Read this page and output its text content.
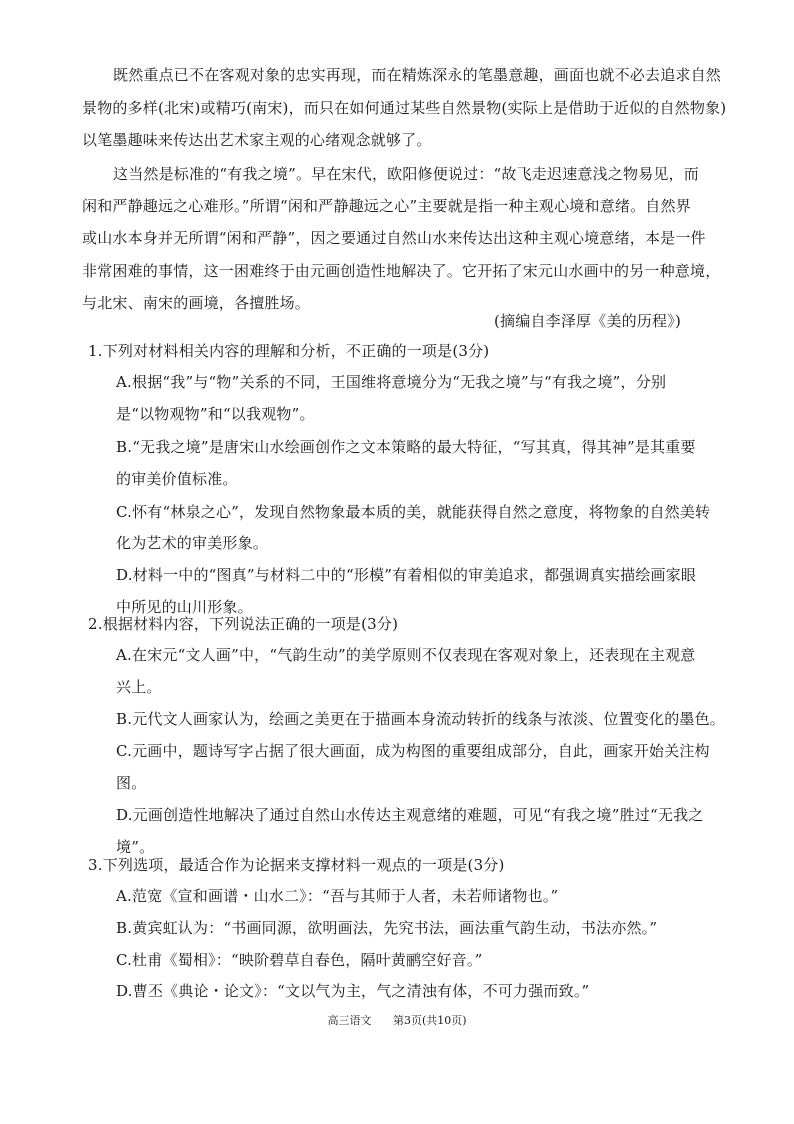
既然重点已不在客观对象的忠实再现，而在精炼深永的笔墨意趣，画面也就不必去追求自然
景物的多样(北宋)或精巧(南宋)，而只在如何通过某些自然景物(实际上是借助于近似的自然物象)
以笔墨趣味来传达出艺术家主观的心绪观念就够了。
这当然是标准的“有我之境”。早在宋代，欧阳修便说过：“故飞走迟速意浅之物易见，而
闲和严静趣远之心难形。”所谓“闲和严静趣远之心”主要就是指一种主观心境和意绪。自然界
或山水本身并无所谓“闲和严静”，因之要通过自然山水来传达出这种主观心境意绪，本是一件
非常困难的事情，这一困难终于由元画创造性地解决了。它开拓了宋元山水画中的另一种意境，
与北宋、南宋的画境，各擅胜场。
(摘编自李泽厚《美的历程》)
1.下列对材料相关内容的理解和分析，不正确的一项是(3分)
A.根据“我”与“物”关系的不同，王国维将意境分为“无我之境”与“有我之境”，分别
是“以物观物”和“以我观物”。
B.“无我之境”是唐宋山水绘画创作之文本策略的最大特征，“写其真，得其神”是其重要
的审美价值标准。
C.怀有“林泉之心”，发现自然物象最本质的美，就能获得自然之意度，将物象的自然美转
化为艺术的审美形象。
D.材料一中的“图真”与材料二中的“形模”有着相似的审美追求，都强调真实描绘画家眼
中所见的山川形象。
2.根据材料内容，下列说法正确的一项是(3分)
A.在宋元“文人画”中，“气韵生动”的美学原则不仅表现在客观对象上，还表现在主观意
兴上。
B.元代文人画家认为，绘画之美更在于描画本身流动转折的线条与浓淡、位置变化的墨色。
C.元画中，题诗写字占据了很大画面，成为构图的重要组成部分，自此，画家开始关注构
图。
D.元画创造性地解决了通过自然山水传达主观意绪的难题，可见“有我之境”胜过“无我之
境”。
3.下列选项，最适合作为论据来支撑材料一观点的一项是(3分)
A.范宽《宣和画谱・山水二》：“吾与其师于人者，未若师诸物也。”
B.黄宾虹认为：“书画同源，欲明画法，先究书法，画法重气韵生动，书法亦然。”
C.杜甫《蜀相》：“映阶碧草自春色，隔叶黄鹂空好音。”
D.曹丕《典论・论文》：“文以气为主，气之清浊有体，不可力强而致。”
高三语文 第3页(共10页)
